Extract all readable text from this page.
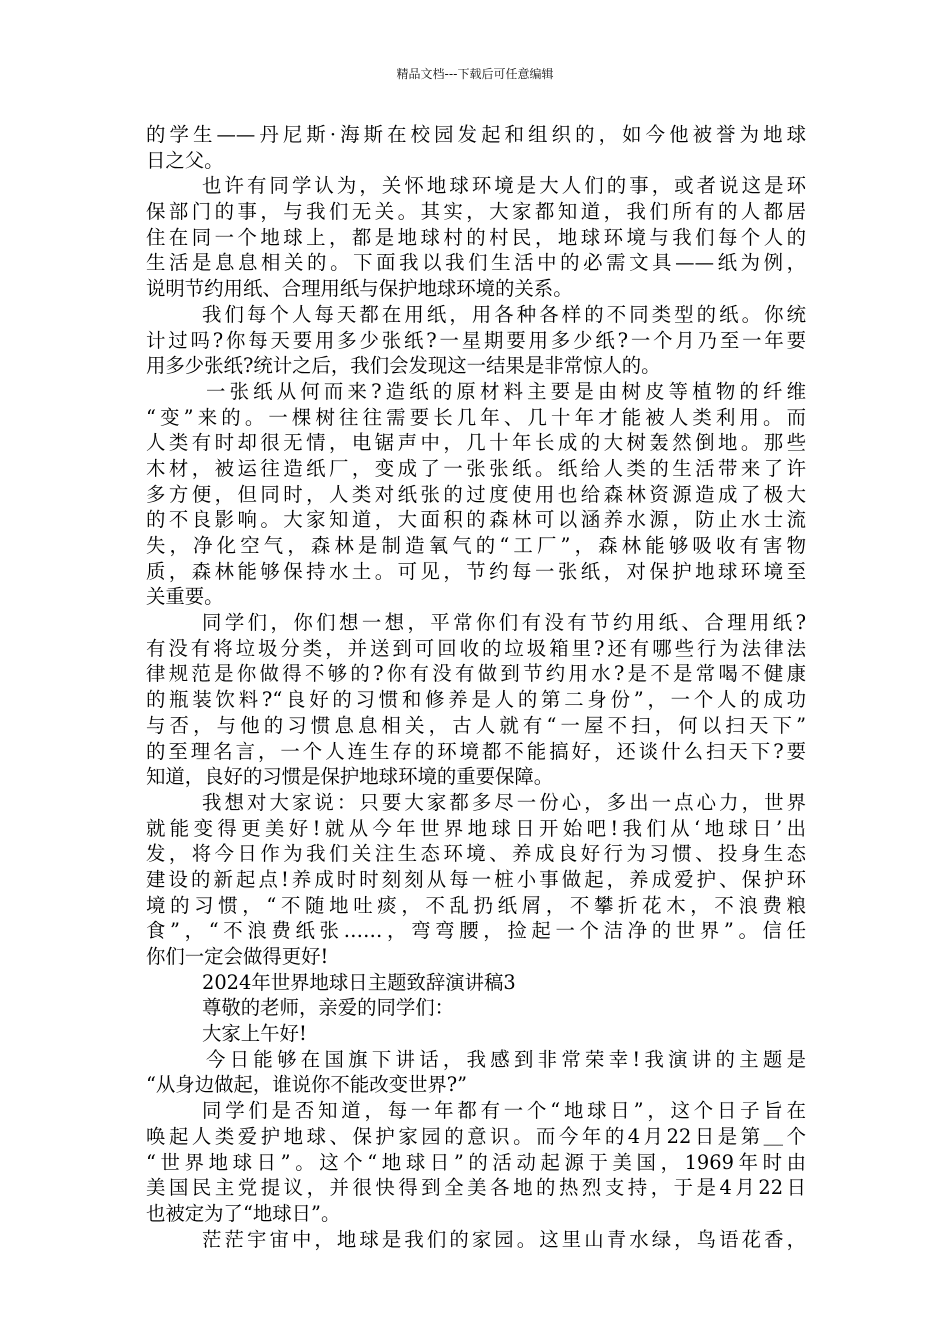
精品文档---下载后可任意编辑
的学生——丹尼斯·海斯在校园发起和组织的，如今他被誉为地球
日之父。
也许有同学认为，关怀地球环境是大人们的事，或者说这是环
保部门的事，与我们无关。其实，大家都知道，我们所有的人都居
住在同一个地球上，都是地球村的村民，地球环境与我们每个人的
生活是息息相关的。下面我以我们生活中的必需文具——纸为例，
说明节约用纸、合理用纸与保护地球环境的关系。
我们每个人每天都在用纸，用各种各样的不同类型的纸。你统
计过吗?你每天要用多少张纸?一星期要用多少纸?一个月乃至一年要
用多少张纸?统计之后，我们会发现这一结果是非常惊人的。
一张纸从何而来?造纸的原材料主要是由树皮等植物的纤维
“变”来的。一棵树往往需要长几年、几十年才能被人类利用。而
人类有时却很无情，电锯声中，几十年长成的大树轰然倒地。那些
木材，被运往造纸厂，变成了一张张纸。纸给人类的生活带来了许
多方便，但同时，人类对纸张的过度使用也给森林资源造成了极大
的不良影响。大家知道，大面积的森林可以涵养水源，防止水士流
失，净化空气，森林是制造氧气的“工厂”，森林能够吸收有害物
质，森林能够保持水土。可见，节约每一张纸，对保护地球环境至
关重要。
同学们，你们想一想，平常你们有没有节约用纸、合理用纸?
有没有将垃圾分类，并送到可回收的垃圾箱里?还有哪些行为法律法
律规范是你做得不够的?你有没有做到节约用水?是不是常喝不健康
的瓶装饮料?“良好的习惯和修养是人的第二身份”，一个人的成功
与否，与他的习惯息息相关，古人就有“一屋不扫，何以扫天下”
的至理名言，一个人连生存的环境都不能搞好，还谈什么扫天下?要
知道，良好的习惯是保护地球环境的重要保障。
我想对大家说：只要大家都多尽一份心，多出一点心力，世界
就能变得更美好!就从今年世界地球日开始吧!我们从‘地球日’出
发，将今日作为我们关注生态环境、养成良好行为习惯、投身生态
建设的新起点!养成时时刻刻从每一桩小事做起，养成爱护、保护环
境的习惯，“不随地吐痰，不乱扔纸屑，不攀折花木，不浪费粮
食”，“不浪费纸张……，弯弯腰，捡起一个洁净的世界”。信任
你们一定会做得更好!
2024年世界地球日主题致辞演讲稿3
尊敬的老师，亲爱的同学们：
大家上午好!
今日能够在国旗下讲话，我感到非常荣幸!我演讲的主题是
“从身边做起，谁说你不能改变世界?”
同学们是否知道，每一年都有一个“地球日”，这个日子旨在
唤起人类爱护地球、保护家园的意识。而今年的4月22日是第＿个
“世界地球日”。这个“地球日”的活动起源于美国，1969年时由
美国民主党提议，并很快得到全美各地的热烈支持，于是4月22日
也被定为了“地球日”。
茫茫宇宙中，地球是我们的家园。这里山青水绿，鸟语花香，
